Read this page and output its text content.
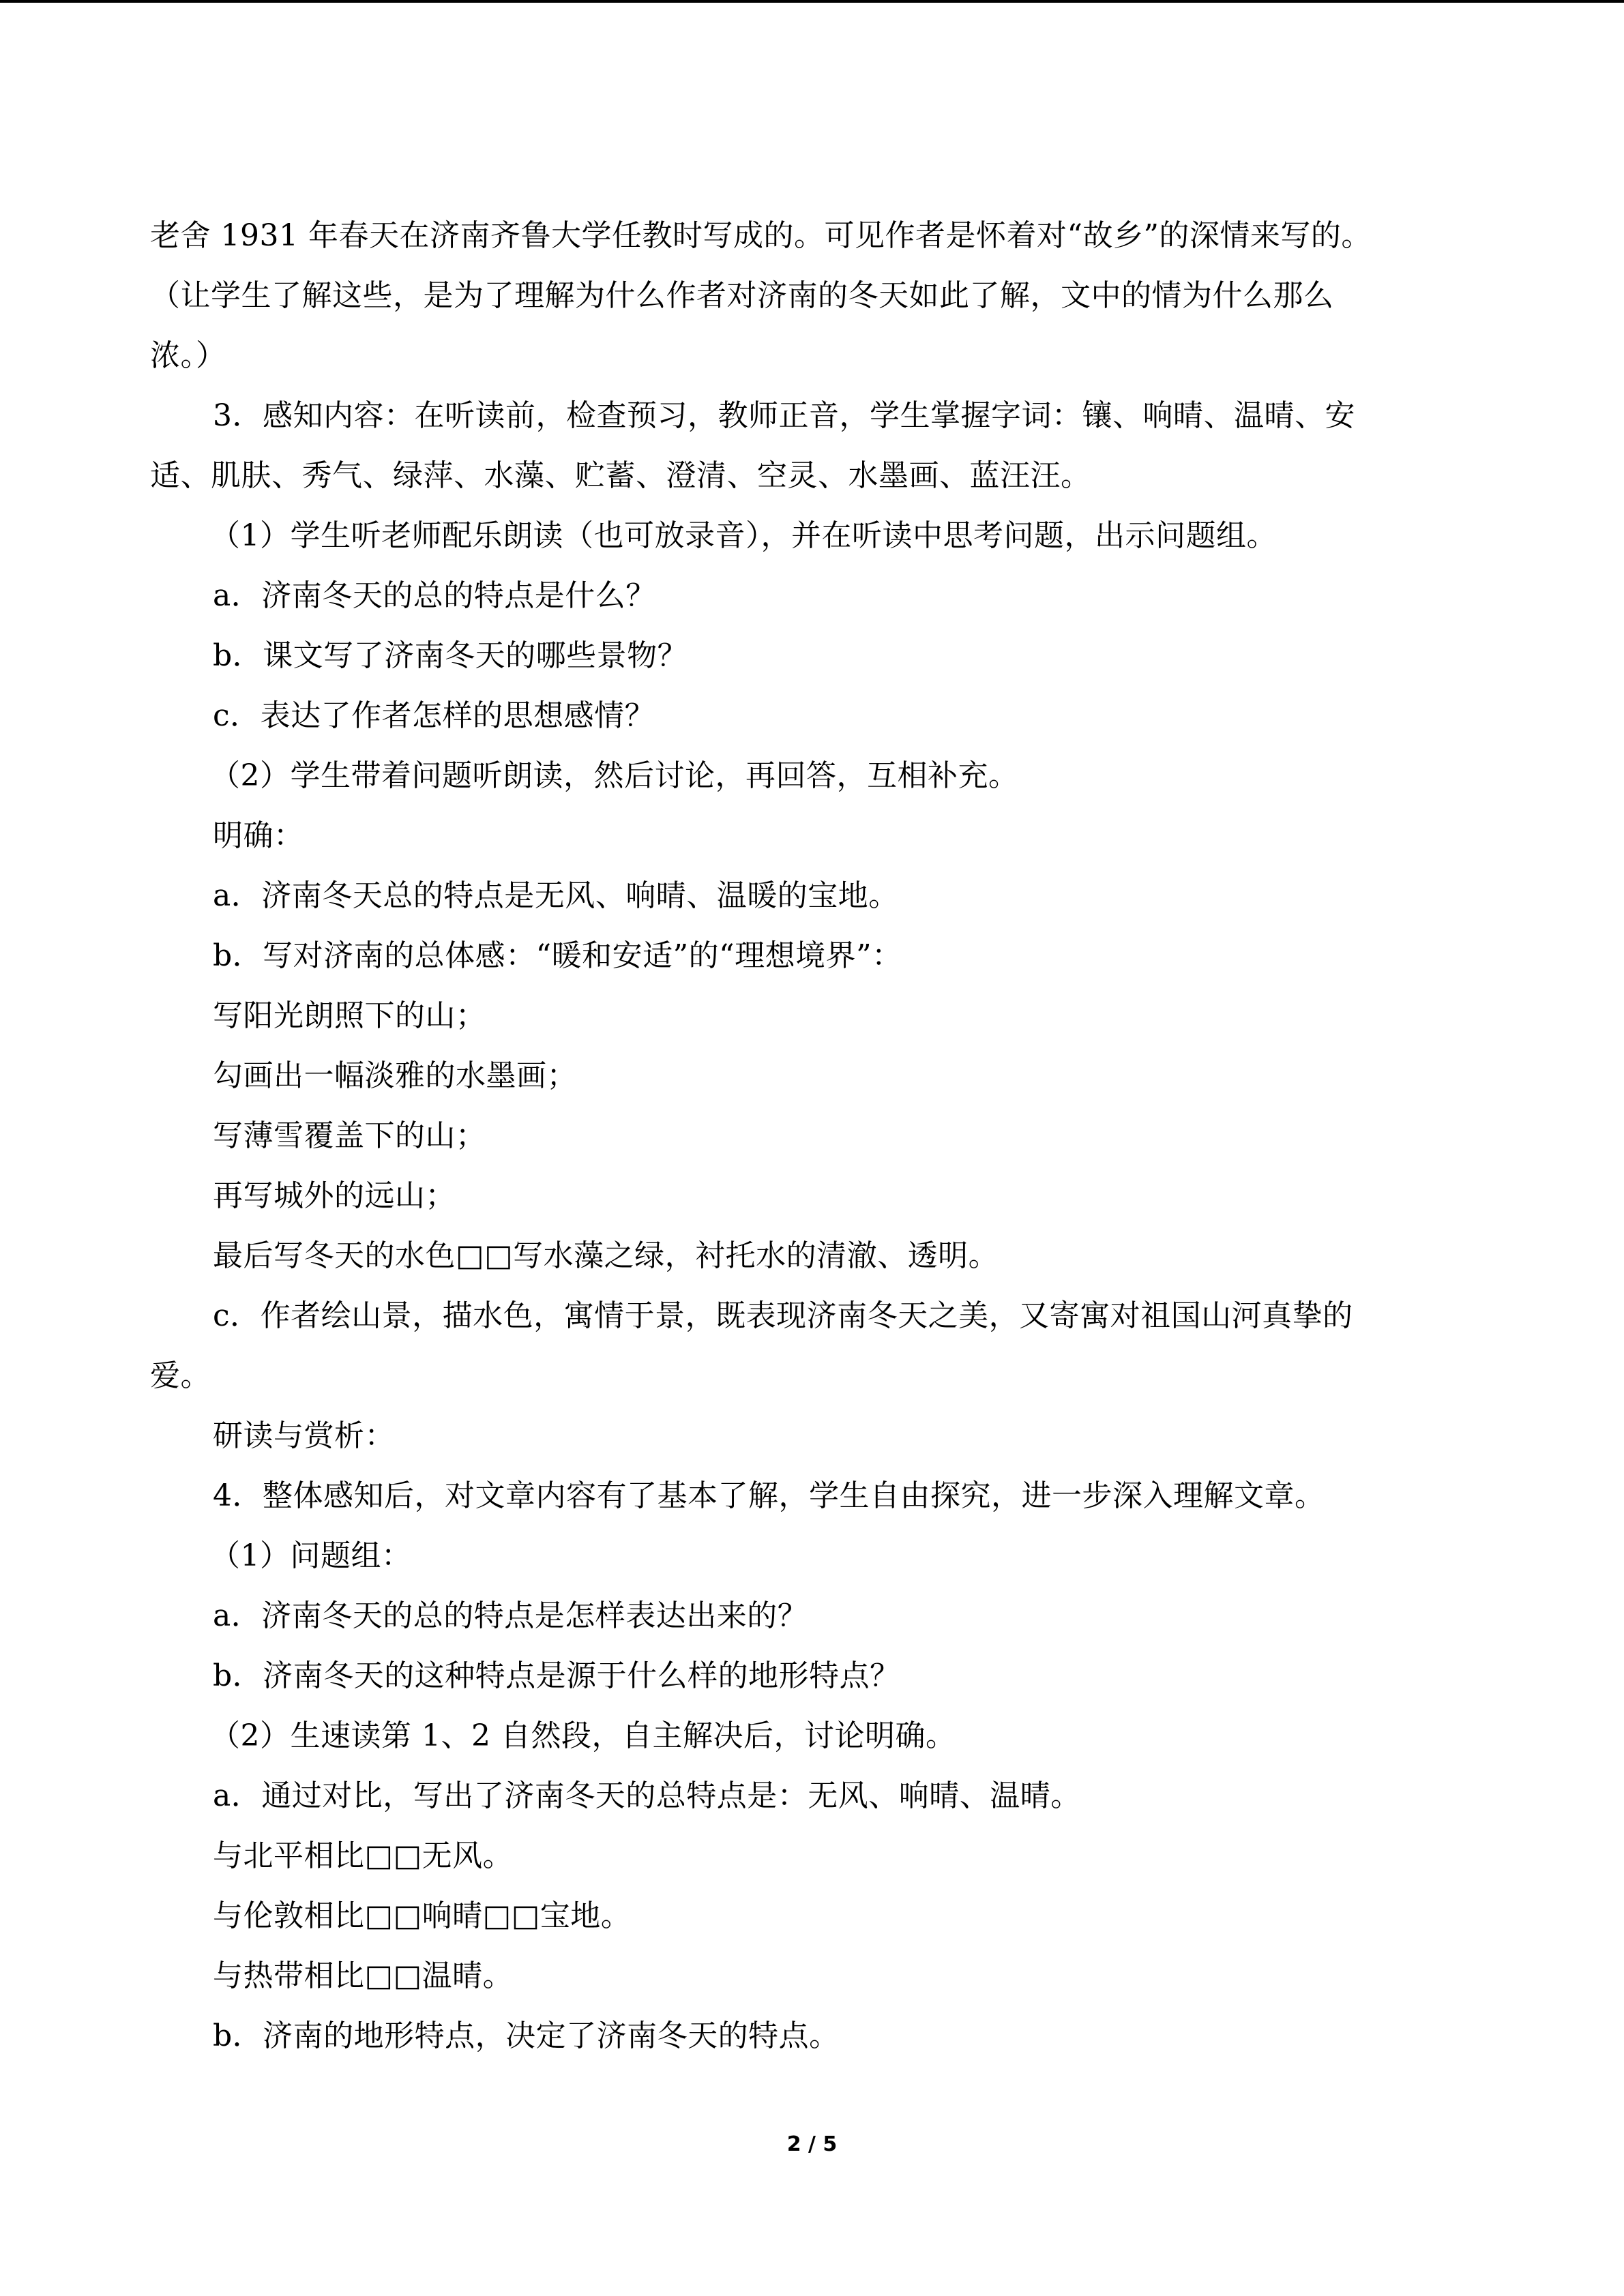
老舍 1931 年春天在济南齐鲁大学任教时写成的。可见作者是怀着对“故乡”的深情来写的。
（让学生了解这些，是为了理解为什么作者对济南的冬天如此了解，文中的情为什么那么
浓。）
3．感知内容：在听读前，检查预习，教师正音，学生掌握字词：镶、响晴、温晴、安
适、肌肤、秀气、绿萍、水藻、贮蓄、澄清、空灵、水墨画、蓝汪汪。
（1）学生听老师配乐朗读（也可放录音），并在听读中思考问题，出示问题组。
a．济南冬天的总的特点是什么？
b．课文写了济南冬天的哪些景物？
c．表达了作者怎样的思想感情？
（2）学生带着问题听朗读，然后讨论，再回答，互相补充。
明确：
a．济南冬天总的特点是无风、响晴、温暖的宝地。
b．写对济南的总体感：“暖和安适”的“理想境界”：
写阳光朗照下的山；
勾画出一幅淡雅的水墨画；
写薄雪覆盖下的山；
再写城外的远山；
最后写冬天的水色□□写水藻之绿，衬托水的清澈、透明。
c．作者绘山景，描水色，寓情于景，既表现济南冬天之美，又寄寓对祖国山河真挚的
爱。
研读与赏析：
4．整体感知后，对文章内容有了基本了解，学生自由探究，进一步深入理解文章。
（1）问题组：
a．济南冬天的总的特点是怎样表达出来的？
b．济南冬天的这种特点是源于什么样的地形特点？
（2）生速读第 1、2 自然段，自主解决后，讨论明确。
a．通过对比，写出了济南冬天的总特点是：无风、响晴、温晴。
与北平相比□□无风。
与伦敦相比□□响晴□□宝地。
与热带相比□□温晴。
b．济南的地形特点，决定了济南冬天的特点。
2 / 5
